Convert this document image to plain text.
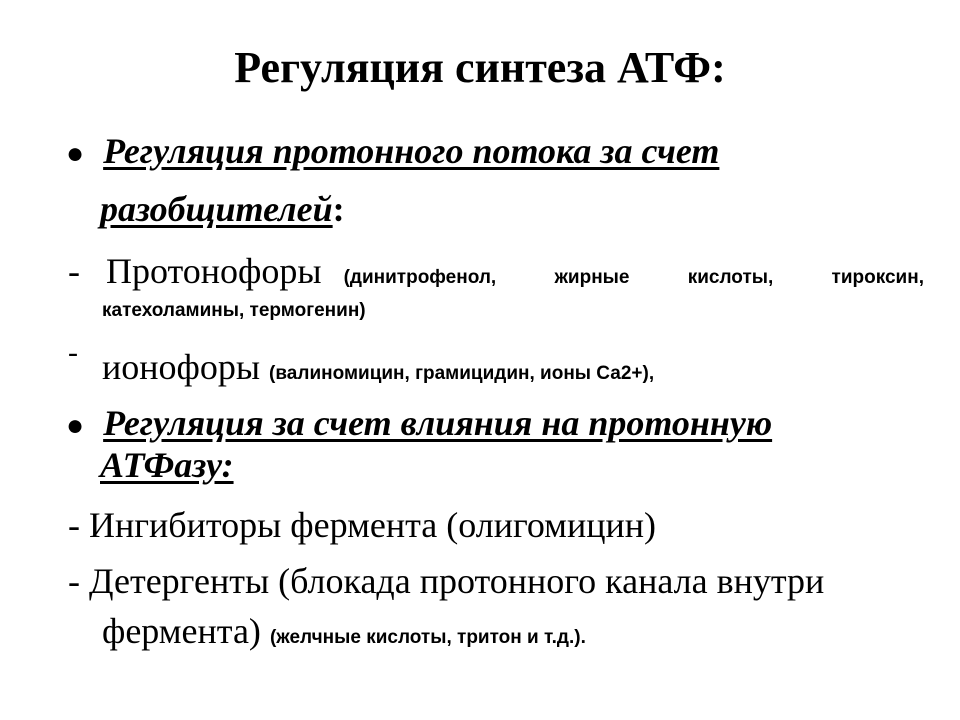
Регуляция синтеза АТФ:
● Регуляция протонного потока за счет
разобщителей:
- Протонофоры (динитрофенол,	жирные	кислоты,	тироксин,
катехоламины, термогенин)
- ионофоры (валиномицин, грамицидин, ионы Са2+),
● Регуляция за счет влияния на протонную
АТФазу:
- Ингибиторы фермента (олигомицин)
- Детергенты (блокада протонного канала внутри
фермента) (желчные кислоты, тритон и т.д.).
